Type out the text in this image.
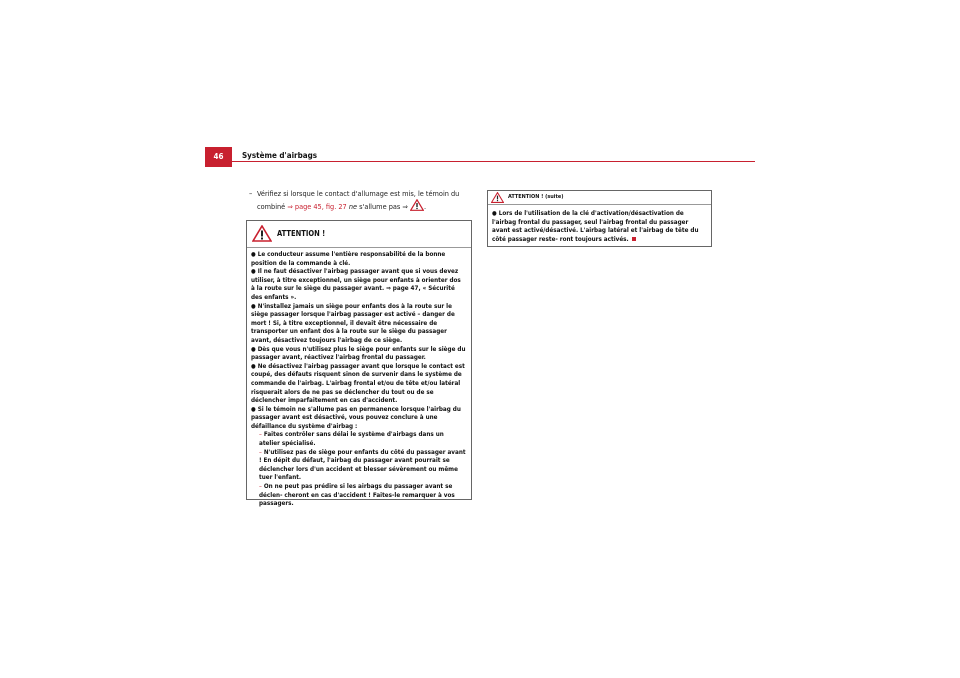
46	Système d'airbags
– Vérifiez si lorsque le contact d'allumage est mis, le témoin du combiné ⇒ page 45, fig. 27 ne s'allume pas ⇒ .
ATTENTION !
● Le conducteur assume l'entière responsabilité de la bonne position de la commande à clé.
● Il ne faut désactiver l'airbag passager avant que si vous devez utiliser, à titre exceptionnel, un siège pour enfants à orienter dos à la route sur le siège du passager avant. ⇒ page 47, « Sécurité des enfants ».
● N'installez jamais un siège pour enfants dos à la route sur le siège passager lorsque l'airbag passager est activé – danger de mort ! Si, à titre exceptionnel, il devait être nécessaire de transporter un enfant dos à la route sur le siège du passager avant, désactivez toujours l'airbag de ce siège.
● Dès que vous n'utilisez plus le siège pour enfants sur le siège du passager avant, réactivez l'airbag frontal du passager.
● Ne désactivez l'airbag passager avant que lorsque le contact est coupé, des défauts risquent sinon de survenir dans le système de commande de l'airbag. L'airbag frontal et/ou de tête et/ou latéral risquerait alors de ne pas se déclencher du tout ou de se déclencher imparfaitement en cas d'accident.
● Si le témoin ne s'allume pas en permanence lorsque l'airbag du passager avant est désactivé, vous pouvez conclure à une défaillance du système d'airbag :
– Faites contrôler sans délai le système d'airbags dans un atelier spécialisé.
– N'utilisez pas de siège pour enfants du côté du passager avant ! En dépit du défaut, l'airbag du passager avant pourrait se déclencher lors d'un accident et blesser sévèrement ou même tuer l'enfant.
– On ne peut pas prédire si les airbags du passager avant se déclen- cheront en cas d'accident ! Faites-le remarquer à vos passagers.
ATTENTION ! (suite)
● Lors de l'utilisation de la clé d'activation/désactivation de l'airbag frontal du passager, seul l'airbag frontal du passager avant est activé/désactivé. L'airbag latéral et l'airbag de tête du côté passager reste- ront toujours activés.
